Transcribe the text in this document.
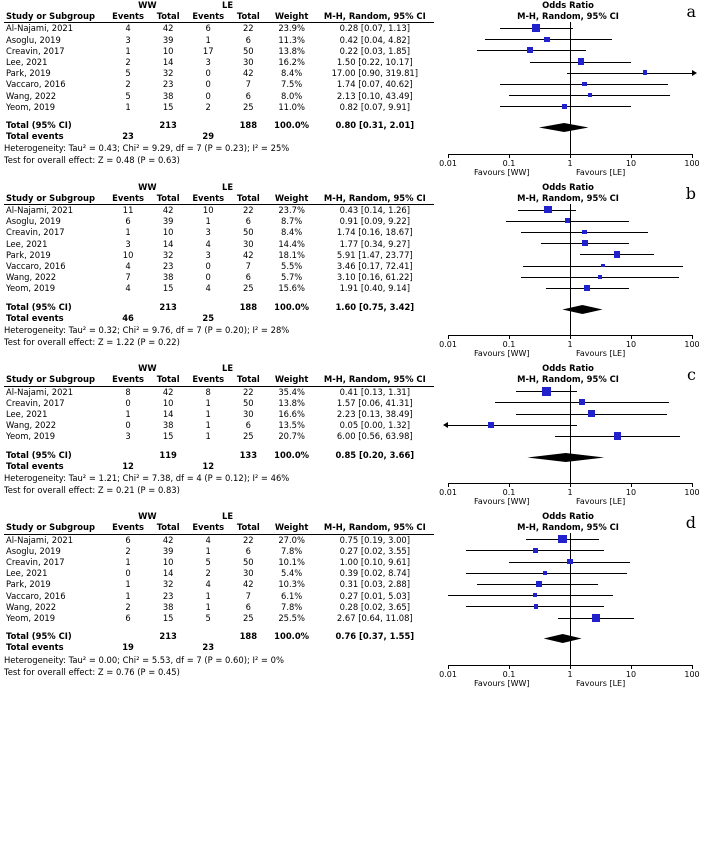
	WW		LE			
Study or Subgroup	Events	Total	Events	Total	Weight	M-H, Random, 95% CI
Al-Najami, 2021	4	42	6	22	23.9%	0.28 [0.07, 1.13]
Asoglu, 2019	3	39	1	6	11.3%	0.42 [0.04, 4.82]
Creavin, 2017	1	10	17	50	13.8%	0.22 [0.03, 1.85]
Lee, 2021	2	14	3	30	16.2%	1.50 [0.22, 10.17]
Park, 2019	5	32	0	42	8.4%	17.00 [0.90, 319.81]
Vaccaro, 2016	2	23	0	7	7.5%	1.74 [0.07, 40.62]
Wang, 2022	5	38	0	6	8.0%	2.13 [0.10, 43.49]
Yeom, 2019	1	15	2	25	11.0%	0.82 [0.07, 9.91]
Total (95% CI)		213		188	100.0%	0.80 [0.31, 2.01]
Total events	23		29			
Heterogeneity: Tau² = 0.43; Chi² = 9.29, df = 7 (P = 0.23); I² = 25%
Test for overall effect: Z = 0.48 (P = 0.63)
Odds Ratio
M-H, Random, 95% CI	a
0.01	0.1	1	10	100
Favours [WW]	Favours [LE]
	WW		LE			
Study or Subgroup	Events	Total	Events	Total	Weight	M-H, Random, 95% CI
Al-Najami, 2021	11	42	10	22	23.7%	0.43 [0.14, 1.26]
Asoglu, 2019	6	39	1	6	8.7%	0.91 [0.09, 9.22]
Creavin, 2017	1	10	3	50	8.4%	1.74 [0.16, 18.67]
Lee, 2021	3	14	4	30	14.4%	1.77 [0.34, 9.27]
Park, 2019	10	32	3	42	18.1%	5.91 [1.47, 23.77]
Vaccaro, 2016	4	23	0	7	5.5%	3.46 [0.17, 72.41]
Wang, 2022	7	38	0	6	5.7%	3.10 [0.16, 61.22]
Yeom, 2019	4	15	4	25	15.6%	1.91 [0.40, 9.14]
Total (95% CI)		213		188	100.0%	1.60 [0.75, 3.42]
Total events	46		25			
Heterogeneity: Tau² = 0.32; Chi² = 9.76, df = 7 (P = 0.20); I² = 28%
Test for overall effect: Z = 1.22 (P = 0.22)
Odds Ratio
M-H, Random, 95% CI	b
0.01	0.1	1	10	100
Favours [WW]	Favours [LE]
	WW		LE			
Study or Subgroup	Events	Total	Events	Total	Weight	M-H, Random, 95% CI
Al-Najami, 2021	8	42	8	22	35.4%	0.41 [0.13, 1.31]
Creavin, 2017	0	10	1	50	13.8%	1.57 [0.06, 41.31]
Lee, 2021	1	14	1	30	16.6%	2.23 [0.13, 38.49]
Wang, 2022	0	38	1	6	13.5%	0.05 [0.00, 1.32]
Yeom, 2019	3	15	1	25	20.7%	6.00 [0.56, 63.98]
Total (95% CI)		119		133	100.0%	0.85 [0.20, 3.66]
Total events	12		12			
Heterogeneity: Tau² = 1.21; Chi² = 7.38, df = 4 (P = 0.12); I² = 46%
Test for overall effect: Z = 0.21 (P = 0.83)
Odds Ratio
M-H, Random, 95% CI	c
0.01	0.1	1	10	100
Favours [WW]	Favours [LE]
	WW		LE			
Study or Subgroup	Events	Total	Events	Total	Weight	M-H, Random, 95% CI
Al-Najami, 2021	6	42	4	22	27.0%	0.75 [0.19, 3.00]
Asoglu, 2019	2	39	1	6	7.8%	0.27 [0.02, 3.55]
Creavin, 2017	1	10	5	50	10.1%	1.00 [0.10, 9.61]
Lee, 2021	0	14	2	30	5.4%	0.39 [0.02, 8.74]
Park, 2019	1	32	4	42	10.3%	0.31 [0.03, 2.88]
Vaccaro, 2016	1	23	1	7	6.1%	0.27 [0.01, 5.03]
Wang, 2022	2	38	1	6	7.8%	0.28 [0.02, 3.65]
Yeom, 2019	6	15	5	25	25.5%	2.67 [0.64, 11.08]
Total (95% CI)		213		188	100.0%	0.76 [0.37, 1.55]
Total events	19		23			
Heterogeneity: Tau² = 0.00; Chi² = 5.53, df = 7 (P = 0.60); I² = 0%
Test for overall effect: Z = 0.76 (P = 0.45)
Odds Ratio
M-H, Random, 95% CI	d
0.01	0.1	1	10	100
Favours [WW]	Favours [LE]
